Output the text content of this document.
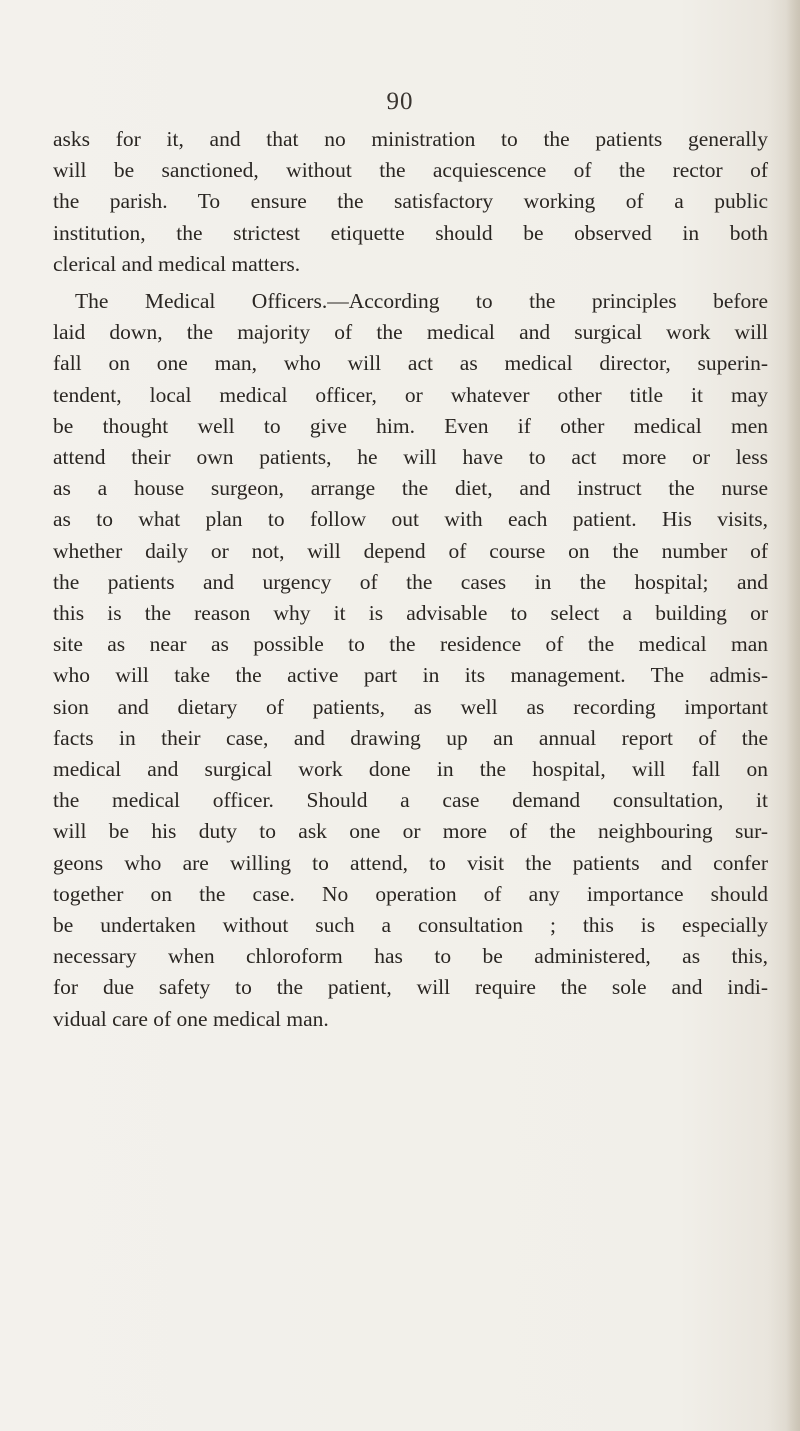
90
asks for it, and that no ministration to the patients generally
will be sanctioned, without the acquiescence of the rector of
the parish. To ensure the satisfactory working of a public
institution, the strictest etiquette should be observed in both
clerical and medical matters.
The Medical Officers.—According to the principles before
laid down, the majority of the medical and surgical work will
fall on one man, who will act as medical director, superin-
tendent, local medical officer, or whatever other title it may
be thought well to give him. Even if other medical men
attend their own patients, he will have to act more or less
as a house surgeon, arrange the diet, and instruct the nurse
as to what plan to follow out with each patient. His visits,
whether daily or not, will depend of course on the number of
the patients and urgency of the cases in the hospital; and
this is the reason why it is advisable to select a building or
site as near as possible to the residence of the medical man
who will take the active part in its management. The admis-
sion and dietary of patients, as well as recording important
facts in their case, and drawing up an annual report of the
medical and surgical work done in the hospital, will fall on
the medical officer. Should a case demand consultation, it
will be his duty to ask one or more of the neighbouring sur-
geons who are willing to attend, to visit the patients and confer
together on the case. No operation of any importance should
be undertaken without such a consultation ; this is especially
necessary when chloroform has to be administered, as this,
for due safety to the patient, will require the sole and indi-
vidual care of one medical man.
